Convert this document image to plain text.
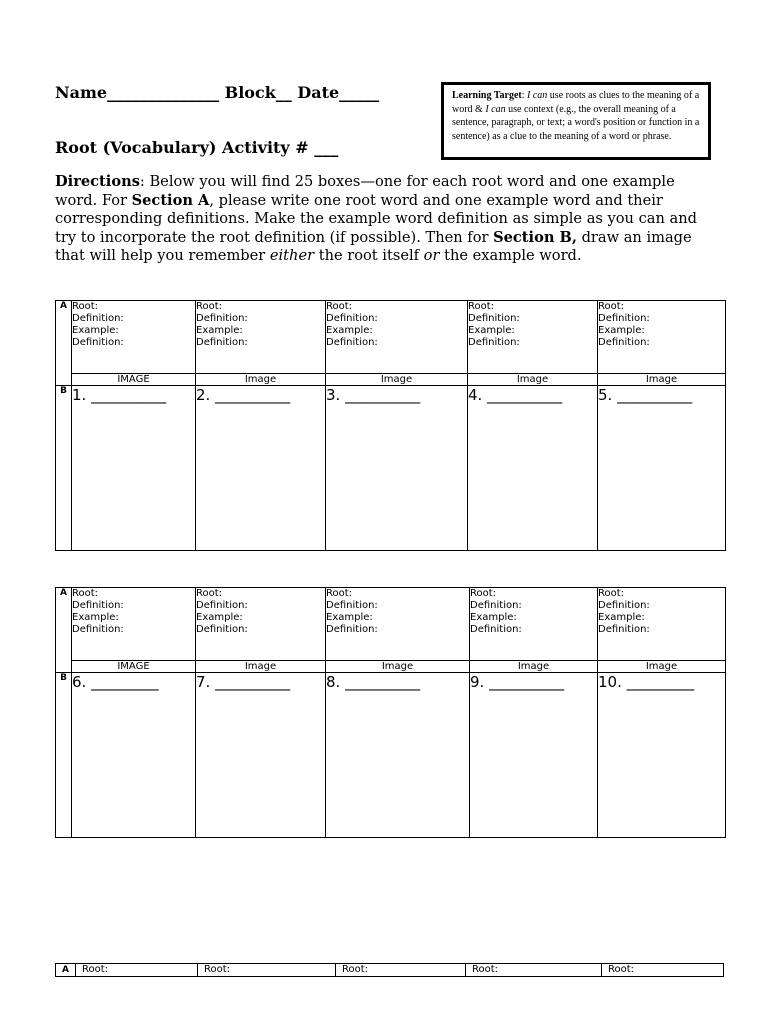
Name______________ Block__ Date_____
Root (Vocabulary) Activity # ___
Learning Target: I can use roots as clues to the meaning of a word & I can use context (e.g., the overall meaning of a sentence, paragraph, or text; a word's position or function in a sentence) as a clue to the meaning of a word or phrase.
Directions: Below you will find 25 boxes—one for each root word and one example word. For Section A, please write one root word and one example word and their corresponding definitions. Make the example word definition as simple as you can and try to incorporate the root definition (if possible). Then for Section B, draw an image that will help you remember either the root itself or the example word.
A	Root:
Definition:
Example:
Definition:	Root:
Definition:
Example:
Definition:	Root:
Definition:
Example:
Definition:	Root:
Definition:
Example:
Definition:	Root:
Definition:
Example:
Definition:

	IMAGE	Image	Image	Image	Image
B	1. __________	2. __________	3. __________	4. __________	5. __________
A	Root:
Definition:
Example:
Definition:	Root:
Definition:
Example:
Definition:	Root:
Definition:
Example:
Definition:	Root:
Definition:
Example:
Definition:	Root:
Definition:
Example:
Definition:

	IMAGE	Image	Image	Image	Image
B	6. _________	7. __________	8. __________	9. __________	10. _________
A	Root:	Root:	Root:	Root:	Root:
